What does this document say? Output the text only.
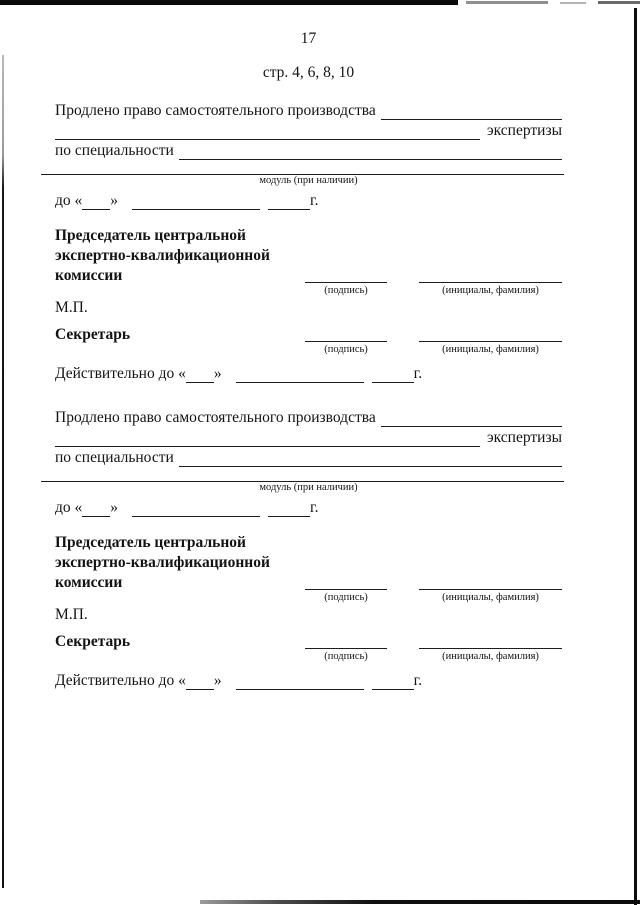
17
стр. 4, 6, 8, 10
Продлено право самостоятельного производства
экспертизы
по специальности
модуль (при наличии)
до « »	г.
Председатель центральной
экспертно-квалификационной
комиссии
(подпись)	(инициалы, фамилия)
М.П.
Секретарь
(подпись)	(инициалы, фамилия)
Действительно до « »	г.
Продлено право самостоятельного производства
экспертизы
по специальности
модуль (при наличии)
до « »	г.
Председатель центральной
экспертно-квалификационной
комиссии
(подпись)	(инициалы, фамилия)
М.П.
Секретарь
(подпись)	(инициалы, фамилия)
Действительно до « »	г.
